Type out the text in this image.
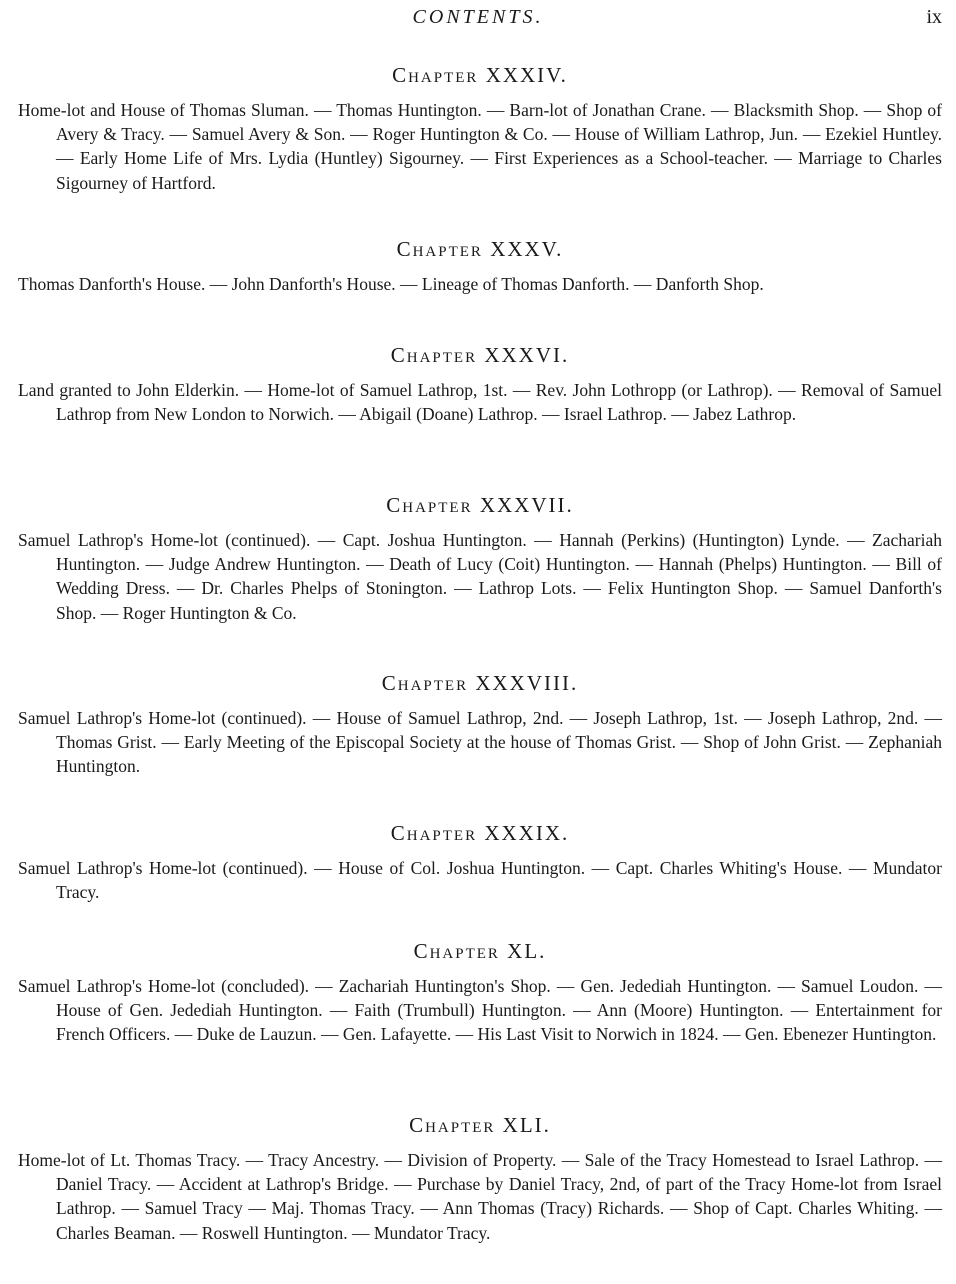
CONTENTS.	ix
Chapter XXXIV.

Home-lot and House of Thomas Sluman. — Thomas Huntington. — Barn-lot of Jonathan Crane. — Blacksmith Shop. — Shop of Avery & Tracy. — Samuel Avery & Son. — Roger Huntington & Co. — House of William Lathrop, Jun. — Ezekiel Huntley. — Early Home Life of Mrs. Lydia (Huntley) Sigourney. — First Experiences as a School-teacher. — Marriage to Charles Sigourney of Hartford.

Chapter XXXV.

Thomas Danforth's House. — John Danforth's House. — Lineage of Thomas Danforth. — Danforth Shop.

Chapter XXXVI.

Land granted to John Elderkin. — Home-lot of Samuel Lathrop, 1st. — Rev. John Lothropp (or Lathrop). — Removal of Samuel Lathrop from New London to Norwich. — Abigail (Doane) Lathrop. — Israel Lathrop. — Jabez Lathrop.

Chapter XXXVII.

Samuel Lathrop's Home-lot (continued). — Capt. Joshua Huntington. — Hannah (Perkins) (Huntington) Lynde. — Zachariah Huntington. — Judge Andrew Huntington. — Death of Lucy (Coit) Huntington. — Hannah (Phelps) Huntington. — Bill of Wedding Dress. — Dr. Charles Phelps of Stonington. — Lathrop Lots. — Felix Huntington Shop. — Samuel Danforth's Shop. — Roger Huntington & Co.

Chapter XXXVIII.

Samuel Lathrop's Home-lot (continued). — House of Samuel Lathrop, 2nd. — Joseph Lathrop, 1st. — Joseph Lathrop, 2nd. — Thomas Grist. — Early Meeting of the Episcopal Society at the house of Thomas Grist. — Shop of John Grist. — Zephaniah Huntington.

Chapter XXXIX.

Samuel Lathrop's Home-lot (continued). — House of Col. Joshua Huntington. — Capt. Charles Whiting's House. — Mundator Tracy.

Chapter XL.

Samuel Lathrop's Home-lot (concluded). — Zachariah Huntington's Shop. — Gen. Jedediah Huntington. — Samuel Loudon. — House of Gen. Jedediah Huntington. — Faith (Trumbull) Huntington. — Ann (Moore) Huntington. — Entertainment for French Officers. — Duke de Lauzun. — Gen. Lafayette. — His Last Visit to Norwich in 1824. — Gen. Ebenezer Huntington.

Chapter XLI.

Home-lot of Lt. Thomas Tracy. — Tracy Ancestry. — Division of Property. — Sale of the Tracy Homestead to Israel Lathrop. — Daniel Tracy. — Accident at Lathrop's Bridge. — Purchase by Daniel Tracy, 2nd, of part of the Tracy Home-lot from Israel Lathrop. — Samuel Tracy — Maj. Thomas Tracy. — Ann Thomas (Tracy) Richards. — Shop of Capt. Charles Whiting. — Charles Beaman. — Roswell Huntington. — Mundator Tracy.
